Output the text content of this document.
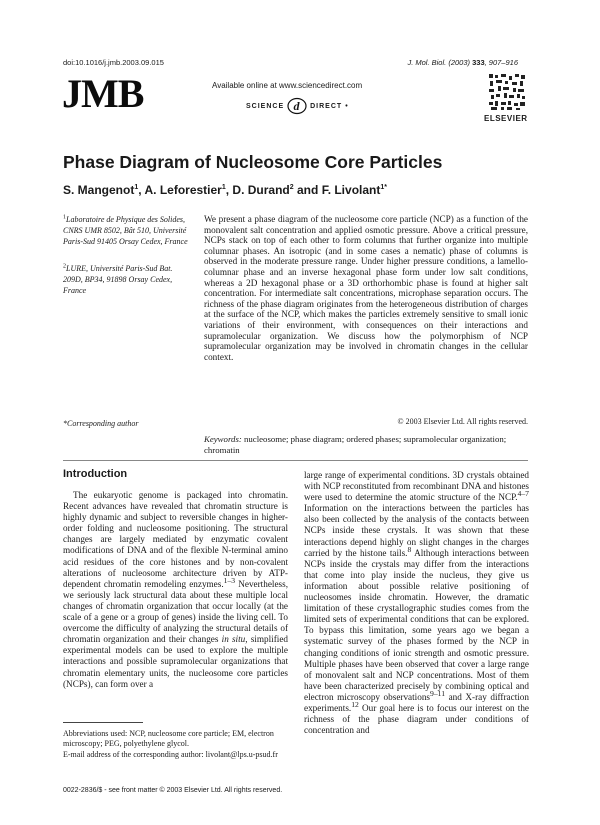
doi:10.1016/j.jmb.2003.09.015	J. Mol. Biol. (2003) 333, 907–916
JMB	Available online at www.sciencedirect.com
SCIENCE d DIRECT •
ELSEVIER
Phase Diagram of Nucleosome Core Particles
S. Mangenot$^1$, A. Leforestier$^1$, D. Durand$^2$ and F. Livolant$^{1*}$
$^1$Laboratoire de Physique des Solides, CNRS UMR 8502, Bât 510, Université Paris-Sud 91405 Orsay Cedex, France
$^2$LURE, Université Paris-Sud Bat. 209D, BP34, 91898 Orsay Cedex, France
*Corresponding author

We present a phase diagram of the nucleosome core particle (NCP) as a function of the monovalent salt concentration and applied osmotic pressure. Above a critical pressure, NCPs stack on top of each other to form columns that further organize into multiple columnar phases. An isotropic (and in some cases a nematic) phase of columns is observed in the moderate pressure range. Under higher pressure conditions, a lamello-columnar phase and an inverse hexagonal phase form under low salt conditions, whereas a 2D hexagonal phase or a 3D orthorhombic phase is found at higher salt concentration. For intermediate salt concentrations, microphase separation occurs. The richness of the phase diagram originates from the heterogeneous distribution of charges at the surface of the NCP, which makes the particles extremely sensitive to small ionic variations of their environment, with consequences on their interactions and supramolecular organization. We discuss how the polymorphism of NCP supramolecular organization may be involved in chromatin changes in the cellular context.

© 2003 Elsevier Ltd. All rights reserved.
Keywords: nucleosome; phase diagram; ordered phases; supramolecular organization; chromatin
Introduction

The eukaryotic genome is packaged into chromatin. Recent advances have revealed that chromatin structure is highly dynamic and subject to reversible changes in higher-order folding and nucleosome positioning. The structural changes are largely mediated by enzymatic covalent modifications of DNA and of the flexible N-terminal amino acid residues of the core histones and by non-covalent alterations of nucleosome architecture driven by ATP-dependent chromatin remodeling enzymes.$^{1-3}$ Nevertheless, we seriously lack structural data about these multiple local changes of chromatin organization that occur locally (at the scale of a gene or a group of genes) inside the living cell. To overcome the difficulty of analyzing the structural details of chromatin organization and their changes in situ, simplified experimental models can be used to explore the multiple interactions and possible supramolecular organizations that chromatin elementary units, the nucleosome core particles (NCPs), can form over a

large range of experimental conditions. 3D crystals obtained with NCP reconstituted from recombinant DNA and histones were used to determine the atomic structure of the NCP.$^{4-7}$ Information on the interactions between the particles has also been collected by the analysis of the contacts between NCPs inside these crystals. It was shown that these interactions depend highly on slight changes in the charges carried by the histone tails.$^8$ Although interactions between NCPs inside the crystals may differ from the interactions that come into play inside the nucleus, they give us information about possible relative positioning of nucleosomes inside chromatin. However, the dramatic limitation of these crystallographic studies comes from the limited sets of experimental conditions that can be explored. To bypass this limitation, some years ago we began a systematic survey of the phases formed by the NCP in changing conditions of ionic strength and osmotic pressure. Multiple phases have been observed that cover a large range of monovalent salt and NCP concentrations. Most of them have been characterized precisely by combining optical and electron microscopy observations$^{9-11}$ and X-ray diffraction experiments.$^{12}$ Our goal here is to focus our interest on the richness of the phase diagram under conditions of concentration and

Abbreviations used: NCP, nucleosome core particle; EM, electron microscopy; PEG, polyethylene glycol.
E-mail address of the corresponding author: livolant@lps.u-psud.fr
0022-2836/$ - see front matter © 2003 Elsevier Ltd. All rights reserved.
